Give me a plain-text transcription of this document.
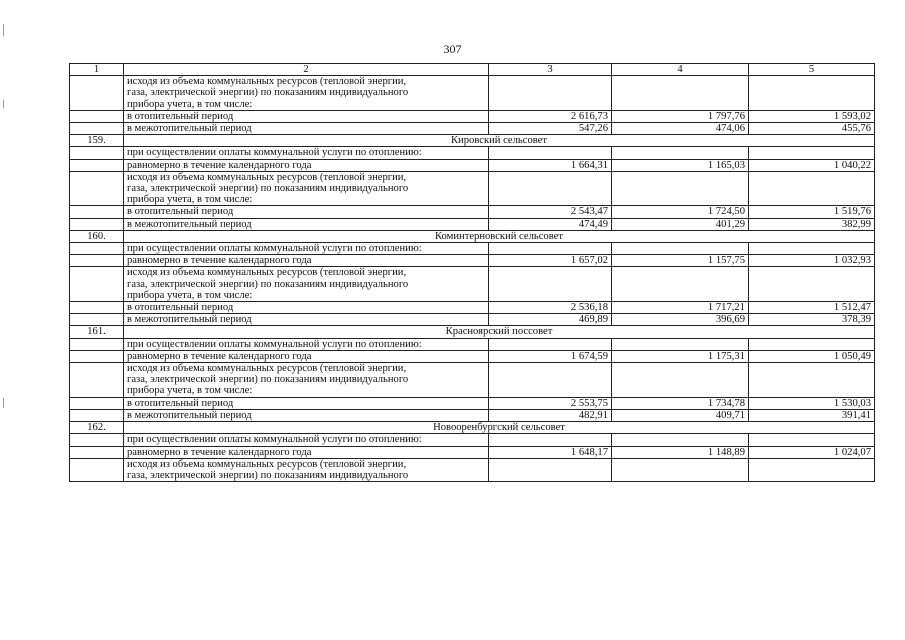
307
1	2	3	4	5
	исходя из объема коммунальных ресурсов (тепловой энергии,
газа, электрической энергии) по показаниям индивидуального
прибора учета, в том числе:			
	в отопительный период	2 616,73	1 797,76	1 593,02
	в межотопительный период	547,26	474,06	455,76
159.	Кировский сельсовет			
	при осуществлении оплаты коммунальной услуги по отоплению:			
	равномерно в течение календарного года	1 664,31	1 165,03	1 040,22
	исходя из объема коммунальных ресурсов (тепловой энергии,
газа, электрической энергии) по показаниям индивидуального
прибора учета, в том числе:			
	в отопительный период	2 543,47	1 724,50	1 519,76
	в межотопительный период	474,49	401,29	382,99
160.	Коминтерновский сельсовет			
	при осуществлении оплаты коммунальной услуги по отоплению:			
	равномерно в течение календарного года	1 657,02	1 157,75	1 032,93
	исходя из объема коммунальных ресурсов (тепловой энергии,
газа, электрической энергии) по показаниям индивидуального
прибора учета, в том числе:			
	в отопительный период	2 536,18	1 717,21	1 512,47
	в межотопительный период	469,89	396,69	378,39
161.	Красноярский поссовет			
	при осуществлении оплаты коммунальной услуги по отоплению:			
	равномерно в течение календарного года	1 674,59	1 175,31	1 050,49
	исходя из объема коммунальных ресурсов (тепловой энергии,
газа, электрической энергии) по показаниям индивидуального
прибора учета, в том числе:			
	в отопительный период	2 553,75	1 734,78	1 530,03
	в межотопительный период	482,91	409,71	391,41
162.	Новооренбургский сельсовет			
	при осуществлении оплаты коммунальной услуги по отоплению:			
	равномерно в течение календарного года	1 648,17	1 148,89	1 024,07
	исходя из объема коммунальных ресурсов (тепловой энергии,
газа, электрической энергии) по показаниям индивидуального			
